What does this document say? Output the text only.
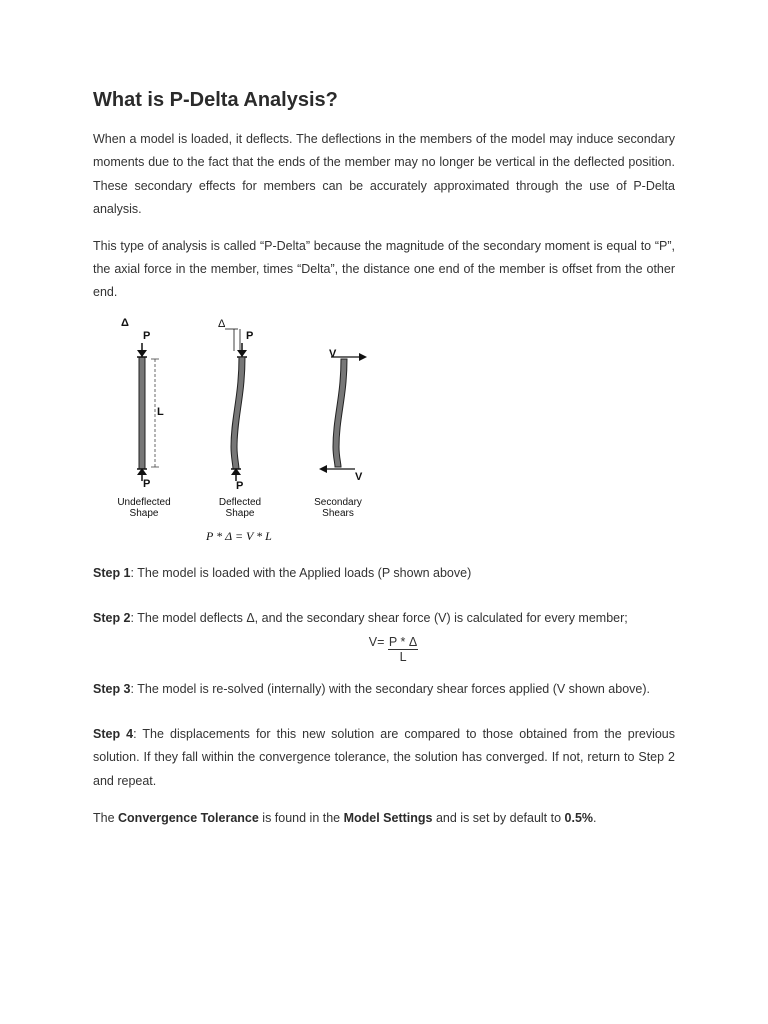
What is P-Delta Analysis?

When a model is loaded, it deflects. The deflections in the members of the model may induce secondary moments due to the fact that the ends of the member may no longer be vertical in the deflected position. These secondary effects for members can be accurately approximated through the use of P-Delta analysis.

This type of analysis is called “P-Delta” because the magnitude of the secondary moment is equal to “P”, the axial force in the member, times “Delta”, the distance one end of the member is offset from the other end.

Δ	Δ
P
L
P
P
P
V
V
Undeflected
Shape
Deflected
Shape
Secondary
Shears
P * Δ = V * L

Step 1: The model is loaded with the Applied loads (P shown above)

Step 2: The model deflects Δ, and the secondary shear force (V) is calculated for every member;

$V= \frac{P * \Delta}{L}$

Step 3: The model is re-solved (internally) with the secondary shear forces applied (V shown above).

Step 4: The displacements for this new solution are compared to those obtained from the previous solution. If they fall within the convergence tolerance, the solution has converged. If not, return to Step 2 and repeat.

The Convergence Tolerance is found in the Model Settings and is set by default to 0.5%.
